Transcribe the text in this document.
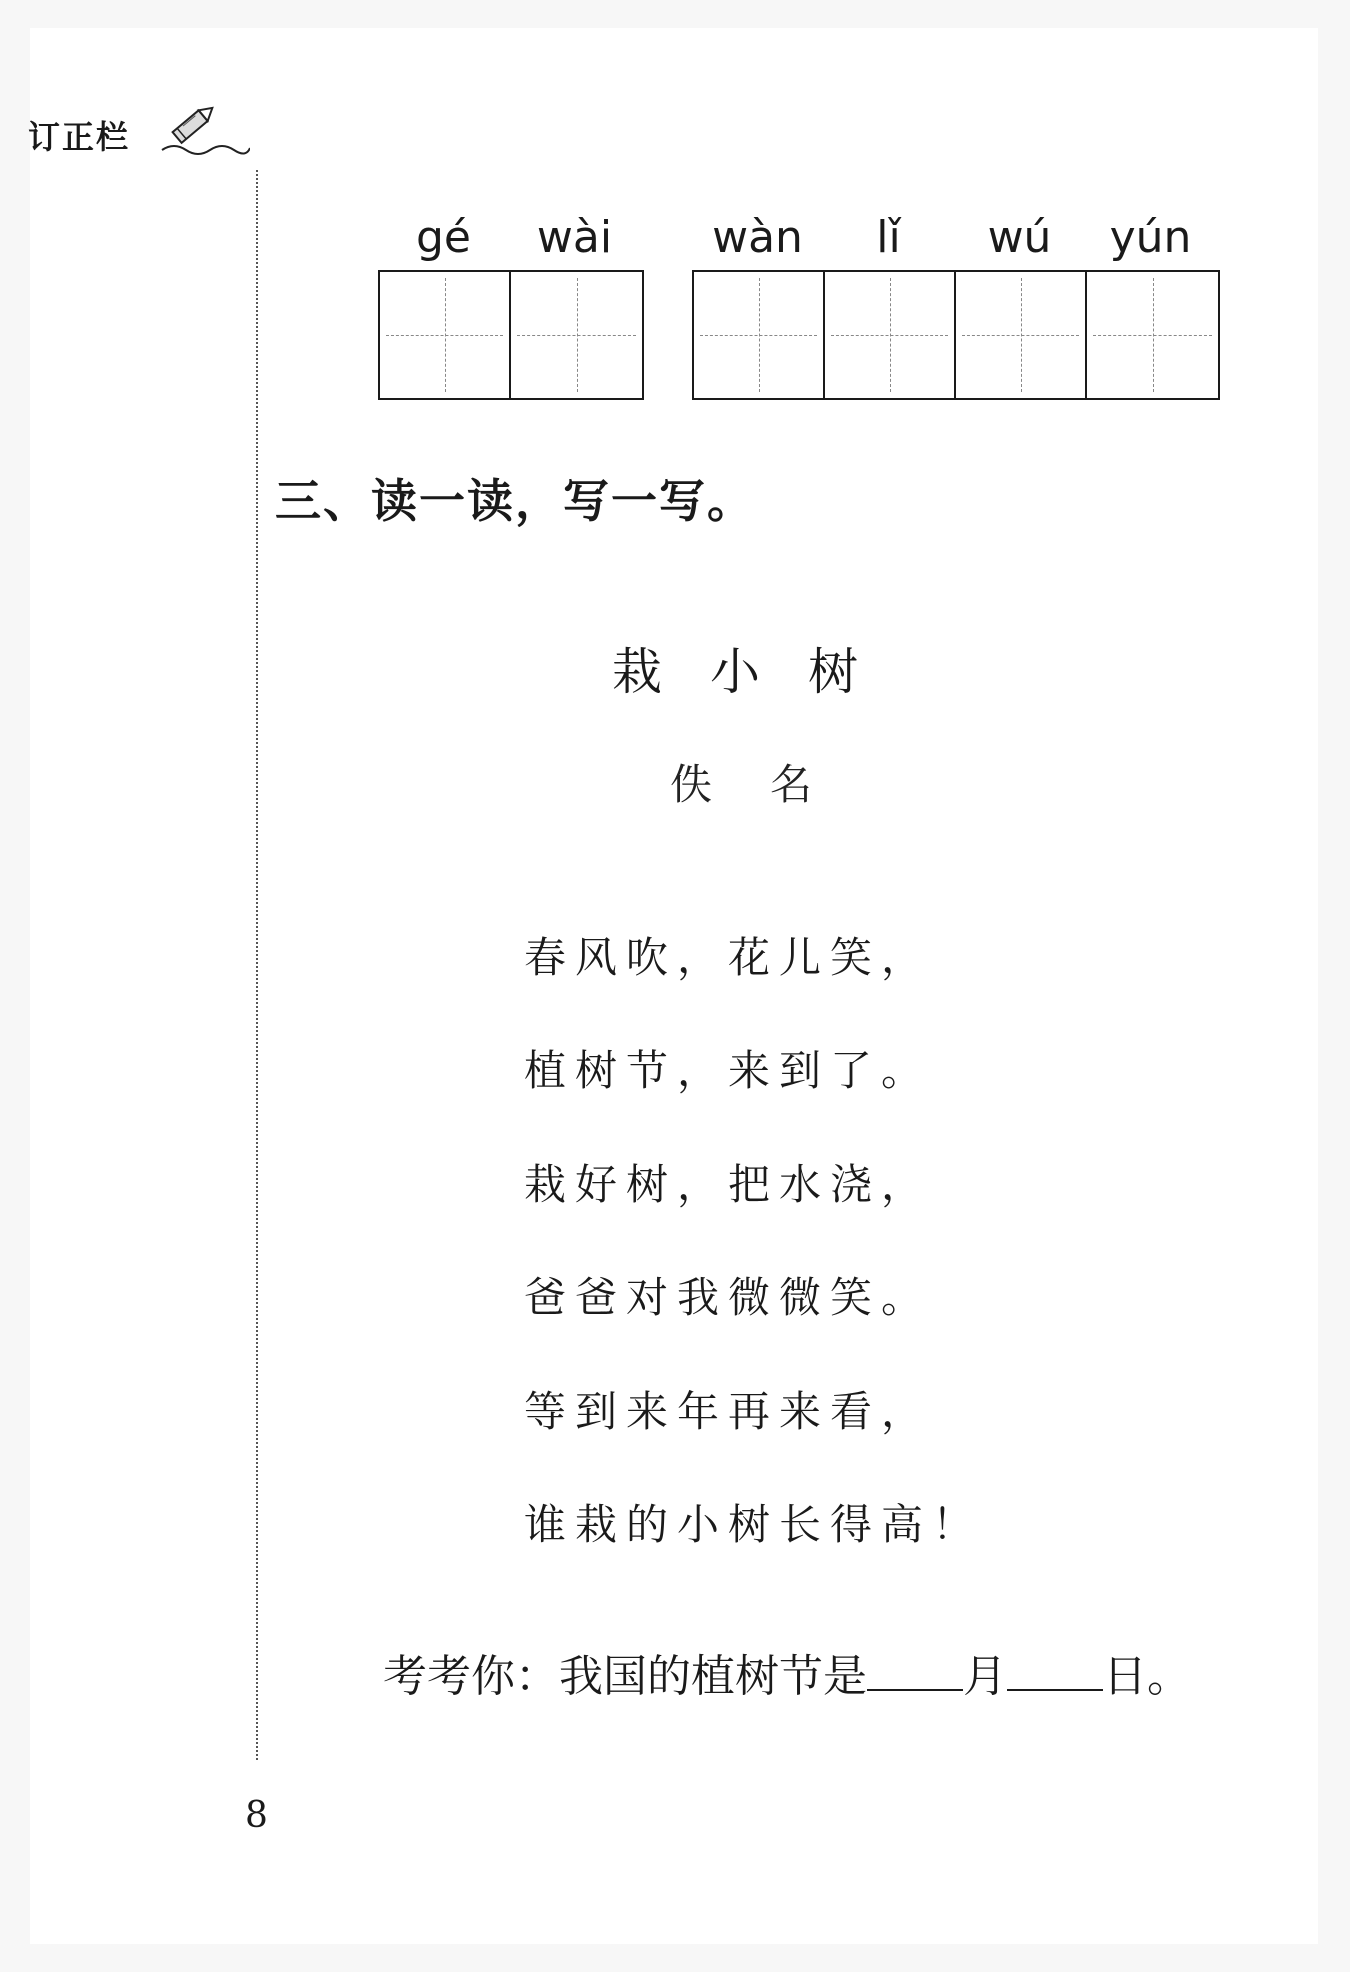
订正栏
gé	wài	wàn	lǐ	wú	yún
三、读一读，写一写。
栽小树
佚名
春风吹，花儿笑，
植树节，来到了。
栽好树，把水浇，
爸爸对我微微笑。
等到来年再来看，
谁栽的小树长得高！
考考你：我国的植树节是 月 日。
8
